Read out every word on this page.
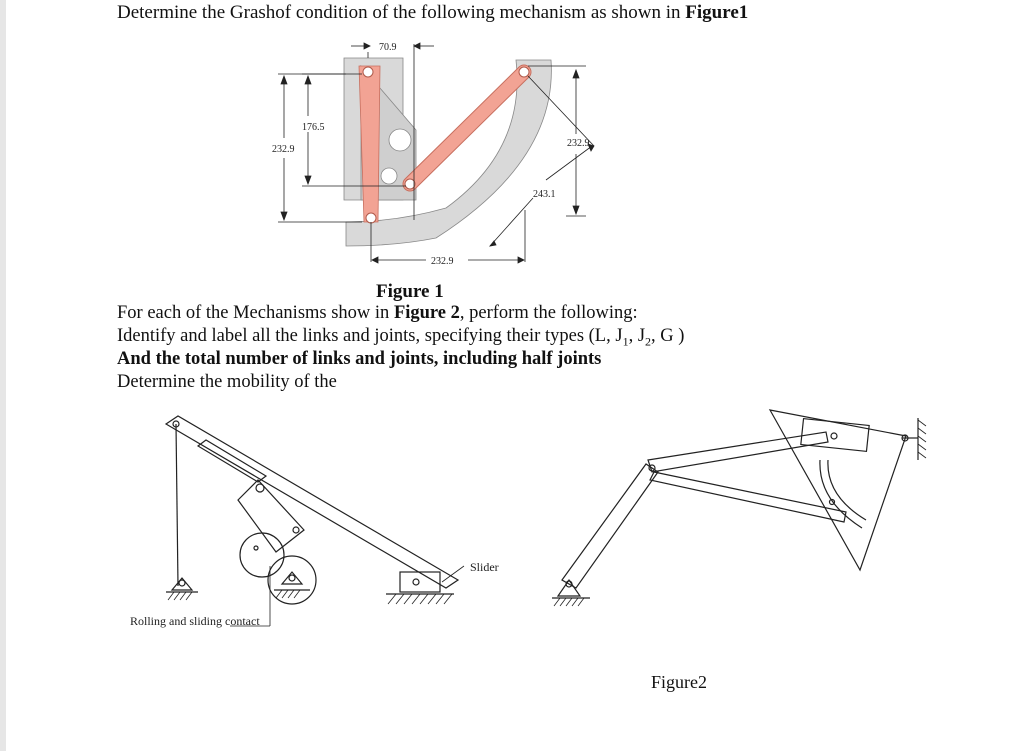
Determine the Grashof condition of the following mechanism as shown in Figure1
70.9
176.5
232.9
232.9
243.1
232.9
Figure 1
For each of the Mechanisms show in Figure 2, perform the following:
Identify and label all the links and joints, specifying their types (L, $J_1$, $J_2$, G )
And the total number of links and joints, including half joints
Determine the mobility of the
Slider
Rolling and sliding contact
Figure2
